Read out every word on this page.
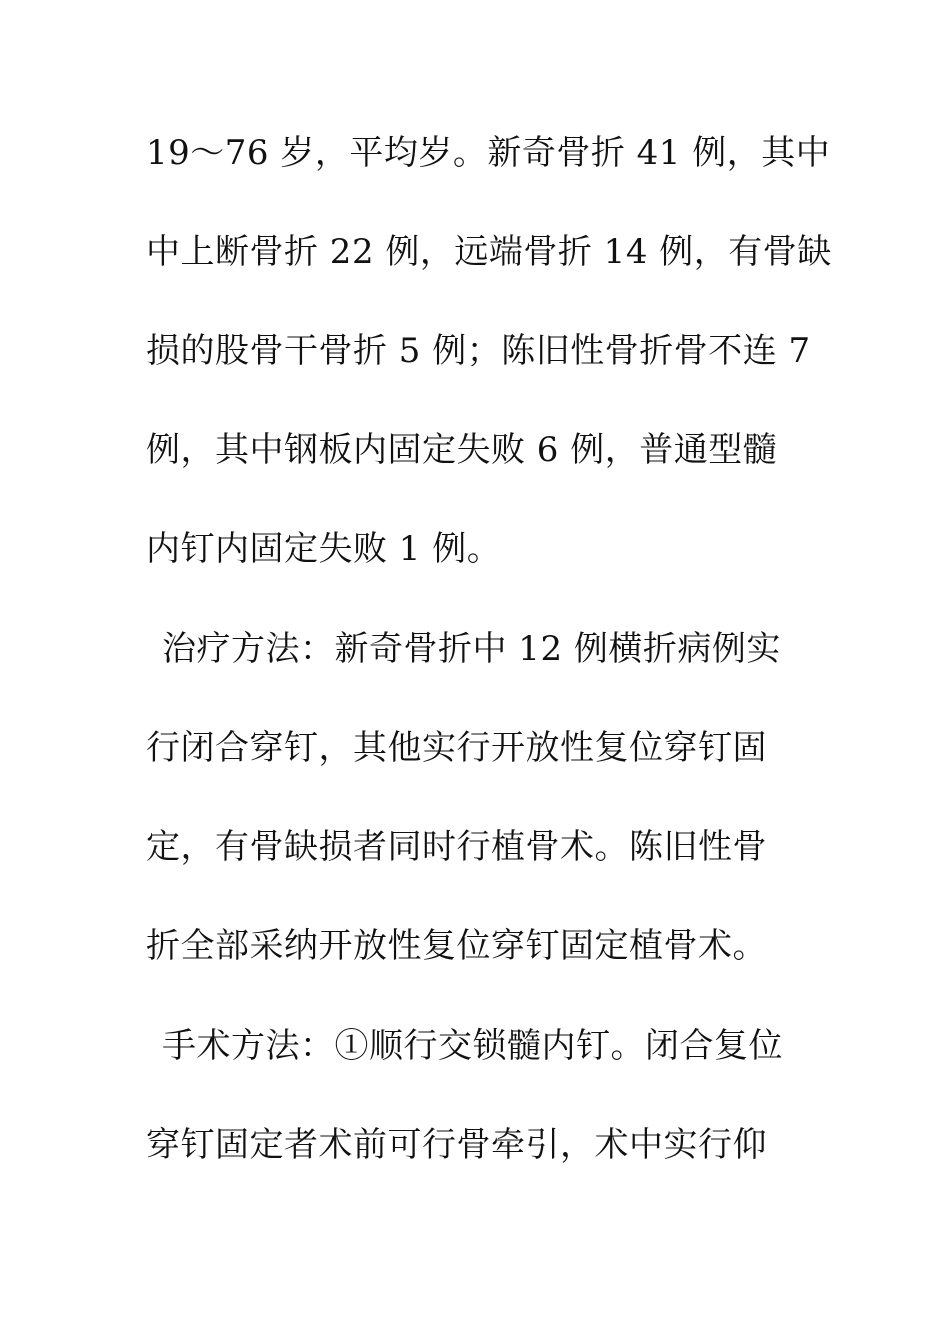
19～76 岁，平均岁。新奇骨折 41 例，其中
中上断骨折 22 例，远端骨折 14 例，有骨缺
损的股骨干骨折 5 例；陈旧性骨折骨不连 7
例，其中钢板内固定失败 6 例，普通型髓
内钉内固定失败 1 例。
治疗方法：新奇骨折中 12 例横折病例实
行闭合穿钉，其他实行开放性复位穿钉固
定，有骨缺损者同时行植骨术。陈旧性骨
折全部采纳开放性复位穿钉固定植骨术。
手术方法：①顺行交锁髓内钉。闭合复位
穿钉固定者术前可行骨牵引，术中实行仰
